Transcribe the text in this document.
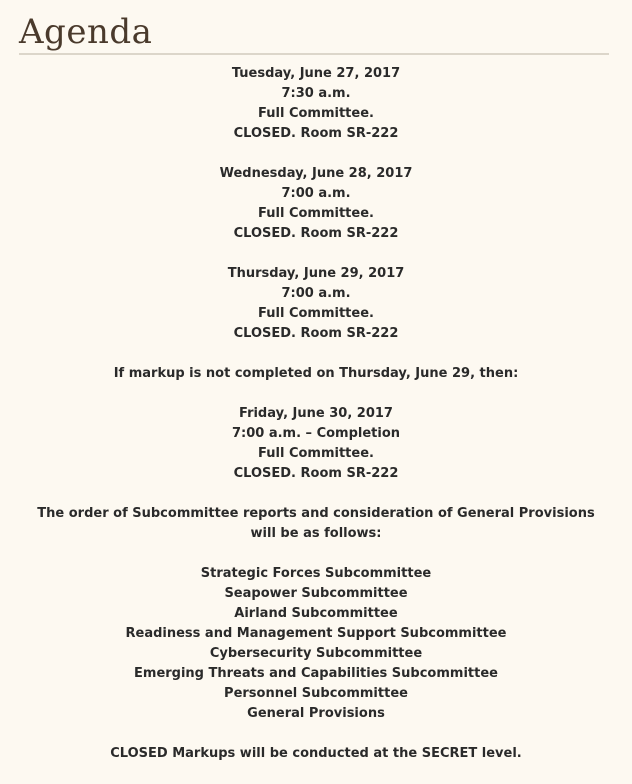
Agenda
Tuesday, June 27, 2017
7:30 a.m.
Full Committee.
CLOSED. Room SR-222
Wednesday, June 28, 2017
7:00 a.m.
Full Committee.
CLOSED. Room SR-222
Thursday, June 29, 2017
7:00 a.m.
Full Committee.
CLOSED. Room SR-222
If markup is not completed on Thursday, June 29, then:
Friday, June 30, 2017
7:00 a.m. – Completion
Full Committee.
CLOSED. Room SR-222
The order of Subcommittee reports and consideration of General Provisions will be as follows:
Strategic Forces Subcommittee
Seapower Subcommittee
Airland Subcommittee
Readiness and Management Support Subcommittee
Cybersecurity Subcommittee
Emerging Threats and Capabilities Subcommittee
Personnel Subcommittee
General Provisions
CLOSED Markups will be conducted at the SECRET level.
